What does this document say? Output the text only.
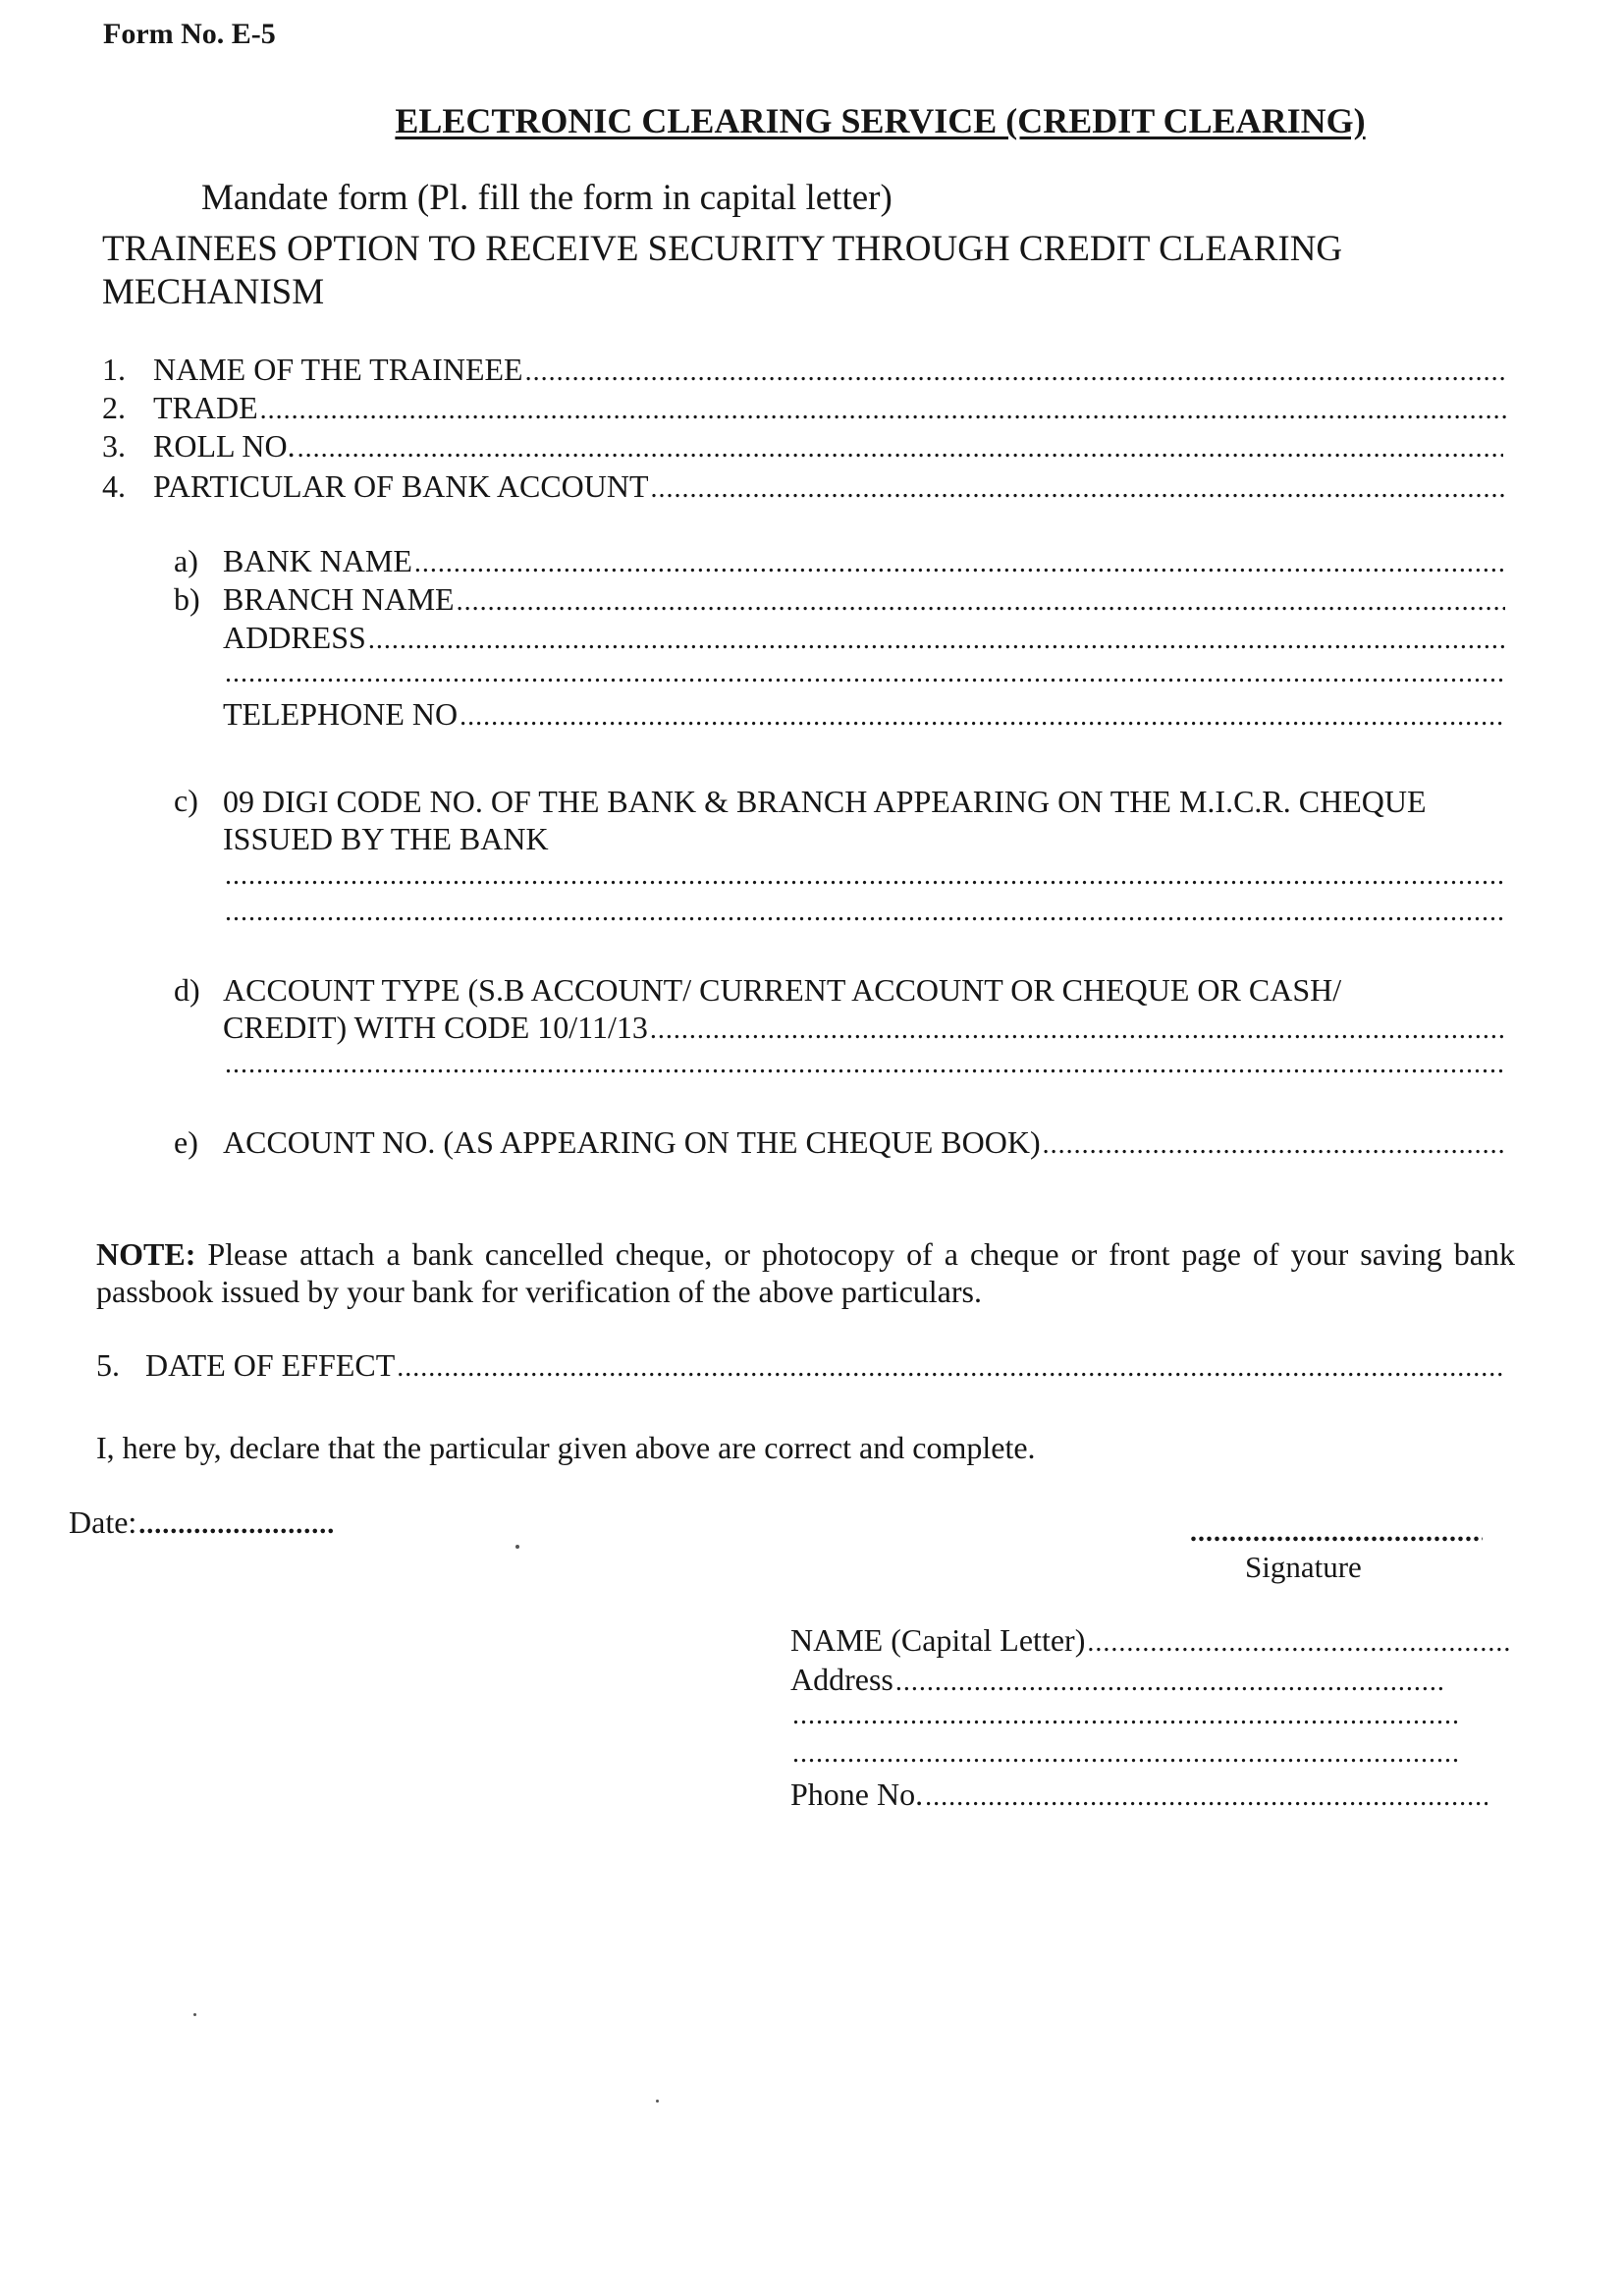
Form No. E-5
ELECTRONIC CLEARING SERVICE (CREDIT CLEARING)
Mandate form (Pl. fill the form in capital letter)
TRAINEES OPTION TO RECEIVE SECURITY THROUGH CREDIT CLEARING MECHANISM
1. NAME OF THE TRAINEEE
.....
2. TRADE
.....
3. ROLL NO.
.....
4. PARTICULAR OF BANK ACCOUNT
.....
a) BANK NAME
.....
b) BRANCH NAME
.....
ADDRESS
.....
.....
TELEPHONE NO
.....
c) 09 DIGI CODE NO. OF THE BANK & BRANCH APPEARING ON THE M.I.C.R. CHEQUE ISSUED BY THE BANK
.....
.....
d) ACCOUNT TYPE (S.B ACCOUNT/ CURRENT ACCOUNT OR CHEQUE OR CASH/
CREDIT) WITH CODE 10/11/13
.....
.....
e) ACCOUNT NO. (AS APPEARING ON THE CHEQUE BOOK)
.....
NOTE: Please attach a bank cancelled cheque, or photocopy of a cheque or front page of your saving bank passbook issued by your bank for verification of the above particulars.
5. DATE OF EFFECT
.....
I, here by, declare that the particular given above are correct and complete.
Date:
.....
.....
Signature
NAME (Capital Letter)
.....
Address
.....
.....
.....
Phone No.
.....
